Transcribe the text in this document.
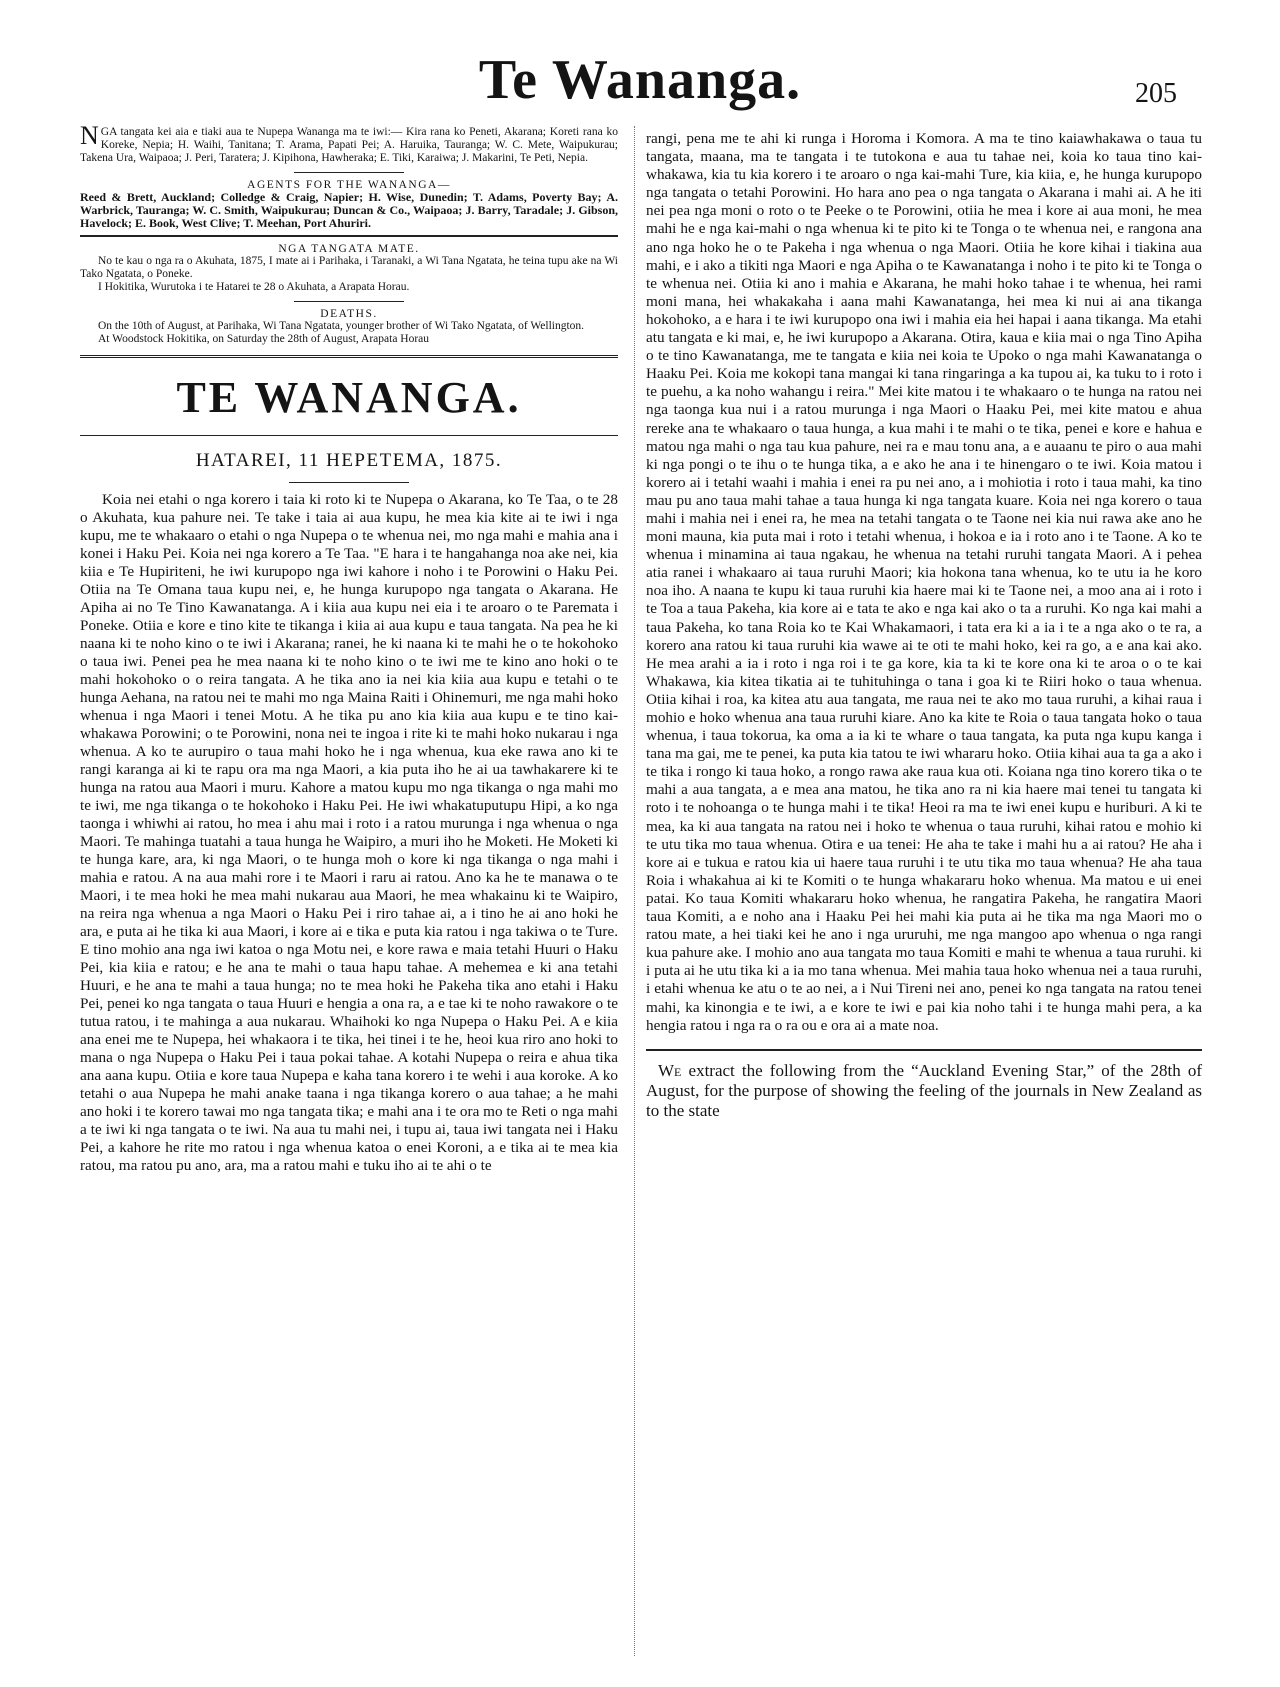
Te Wananga.	205

NGA tangata kei aia e tiaki aua te Nupepa Wananga ma te iwi:— Kira rana ko Peneti, Akarana; Koreti rana ko Koreke, Nepia; H. Waihi, Tanitana; T. Arama, Papati Pei; A. Haruika, Tauranga; W. C. Mete, Waipukurau; Takena Ura, Waipaoa; J. Peri, Taratera; J. Kipihona, Hawheraka; E. Tiki, Karaiwa; J. Makarini, Te Peti, Nepia.

AGENTS FOR THE WANANGA—

Reed & Brett, Auckland; Colledge & Craig, Napier; H. Wise, Dunedin; T. Adams, Poverty Bay; A. Warbrick, Tauranga; W. C. Smith, Waipukurau; Duncan & Co., Waipaoa; J. Barry, Taradale; J. Gibson, Havelock; E. Book, West Clive; T. Meehan, Port Ahuriri.

NGA TANGATA MATE.

No te kau o nga ra o Akuhata, 1875, I mate ai i Parihaka, i Taranaki, a Wi Tana Ngatata, he teina tupu ake na Wi Tako Ngatata, o Poneke.

I Hokitika, Wurutoka i te Hatarei te 28 o Akuhata, a Arapata Horau.

DEATHS.

On the 10th of August, at Parihaka, Wi Tana Ngatata, younger brother of Wi Tako Ngatata, of Wellington.

At Woodstock Hokitika, on Saturday the 28th of August, Arapata Horau

TE WANANGA.
HATAREI, 11 HEPETEMA, 1875.

Koia nei etahi o nga korero i taia ki roto ki te Nupepa o Akarana, ko Te Taa, o te 28 o Akuhata, kua pahure nei. Te take i taia ai aua kupu, he mea kia kite ai te iwi i nga kupu, me te whakaaro o etahi o nga Nupepa o te whenua nei, mo nga mahi e mahia ana i konei i Haku Pei. Koia nei nga korero a Te Taa. "E hara i te hangahanga noa ake nei, kia kiia e Te Hupiriteni, he iwi kurupopo nga iwi kahore i noho i te Porowini o Haku Pei. Otiia na Te Omana taua kupu nei, e, he hunga kurupopo nga tangata o Akarana. He Apiha ai no Te Tino Kawanatanga. A i kiia aua kupu nei eia i te aroaro o te Paremata i Poneke. Otiia e kore e tino kite te tikanga i kiia ai aua kupu e taua tangata. Na pea he ki naana ki te noho kino o te iwi i Akarana; ranei, he ki naana ki te mahi he o te hokohoko o taua iwi. Penei pea he mea naana ki te noho kino o te iwi me te kino ano hoki o te mahi hokohoko o o reira tangata. A he tika ano ia nei kia kiia aua kupu e tetahi o te hunga Aehana, na ratou nei te mahi mo nga Maina Raiti i Ohinemuri, me nga mahi hoko whenua i nga Maori i tenei Motu. A he tika pu ano kia kiia aua kupu e te tino kai-whakawa Porowini; o te Porowini, nona nei te ingoa i rite ki te mahi hoko nukarau i nga whenua. A ko te aurupiro o taua mahi hoko he i nga whenua, kua eke rawa ano ki te rangi karanga ai ki te rapu ora ma nga Maori, a kia puta iho he ai ua tawhakarere ki te hunga na ratou aua Maori i muru. Kahore a matou kupu mo nga tikanga o nga mahi mo te iwi, me nga tikanga o te hokohoko i Haku Pei. He iwi whakatuputupu Hipi, a ko nga taonga i whiwhi ai ratou, ho mea i ahu mai i roto i a ratou murunga i nga whenua o nga Maori. Te mahinga tuatahi a taua hunga he Waipiro, a muri iho he Moketi. He Moketi ki te hunga kare, ara, ki nga Maori, o te hunga moh o kore ki nga tikanga o nga mahi i mahia e ratou. A na aua mahi rore i te Maori i raru ai ratou. Ano ka he te manawa o te Maori, i te mea hoki he mea mahi nukarau aua Maori, he mea whakainu ki te Waipiro, na reira nga whenua a nga Maori o Haku Pei i riro tahae ai, a i tino he ai ano hoki he ara, e puta ai he tika ki aua Maori, i kore ai e tika e puta kia ratou i nga takiwa o te Ture. E tino mohio ana nga iwi katoa o nga Motu nei, e kore rawa e maia tetahi Huuri o Haku Pei, kia kiia e ratou; e he ana te mahi o taua hapu tahae. A mehemea e ki ana tetahi Huuri, e he ana te mahi a taua hunga; no te mea hoki he Pakeha tika ano etahi i Haku Pei, penei ko nga tangata o taua Huuri e hengia a ona ra, a e tae ki te noho rawakore o te tutua ratou, i te mahinga a aua nukarau. Whaihoki ko nga Nupepa o Haku Pei. A e kiia ana enei me te Nupepa, hei whakaora i te tika, hei tinei i te he, heoi kua riro ano hoki to mana o nga Nupepa o Haku Pei i taua pokai tahae. A kotahi Nupepa o reira e ahua tika ana aana kupu. Otiia e kore taua Nupepa e kaha tana korero i te wehi i aua koroke. A ko tetahi o aua Nupepa he mahi anake taana i nga tikanga korero o aua tahae; a he mahi ano hoki i te korero tawai mo nga tangata tika; e mahi ana i te ora mo te Reti o nga mahi a te iwi ki nga tangata o te iwi. Na aua tu mahi nei, i tupu ai, taua iwi tangata nei i Haku Pei, a kahore he rite mo ratou i nga whenua katoa o enei Koroni, a e tika ai te mea kia ratou, ma ratou pu ano, ara, ma a ratou mahi e tuku iho ai te ahi o te

rangi, pena me te ahi ki runga i Horoma i Komora. A ma te tino kaiawhakawa o taua tu tangata, maana, ma te tangata i te tutokona e aua tu tahae nei, koia ko taua tino kai-whakawa, kia tu kia korero i te aroaro o nga kai-mahi Ture, kia kiia, e, he hunga kurupopo nga tangata o tetahi Porowini. Ho hara ano pea o nga tangata o Akarana i mahi ai. A he iti nei pea nga moni o roto o te Peeke o te Porowini, otiia he mea i kore ai aua moni, he mea mahi he e nga kai-mahi o nga whenua ki te pito ki te Tonga o te whenua nei, e rangona ana ano nga hoko he o te Pakeha i nga whenua o nga Maori. Otiia he kore kihai i tiakina aua mahi, e i ako a tikiti nga Maori e nga Apiha o te Kawanatanga i noho i te pito ki te Tonga o te whenua nei. Otiia ki ano i mahia e Akarana, he mahi hoko tahae i te whenua, hei rami moni mana, hei whakakaha i aana mahi Kawanatanga, hei mea ki nui ai ana tikanga hokohoko, a e hara i te iwi kurupopo ona iwi i mahia eia hei hapai i aana tikanga. Ma etahi atu tangata e ki mai, e, he iwi kurupopo a Akarana. Otira, kaua e kiia mai o nga Tino Apiha o te tino Kawanatanga, me te tangata e kiia nei koia te Upoko o nga mahi Kawanatanga o Haaku Pei. Koia me kokopi tana mangai ki tana ringaringa a ka tupou ai, ka tuku to i roto i te puehu, a ka noho wahangu i reira." Mei kite matou i te whakaaro o te hunga na ratou nei nga taonga kua nui i a ratou murunga i nga Maori o Haaku Pei, mei kite matou e ahua rereke ana te whakaaro o taua hunga, a kua mahi i te mahi o te tika, penei e kore e hahua e matou nga mahi o nga tau kua pahure, nei ra e mau tonu ana, a e auaanu te piro o aua mahi ki nga pongi o te ihu o te hunga tika, a e ako he ana i te hinengaro o te iwi. Koia matou i korero ai i tetahi waahi i mahia i enei ra pu nei ano, a i mohiotia i roto i taua mahi, ka tino mau pu ano taua mahi tahae a taua hunga ki nga tangata kuare. Koia nei nga korero o taua mahi i mahia nei i enei ra, he mea na tetahi tangata o te Taone nei kia nui rawa ake ano he moni mauna, kia puta mai i roto i tetahi whenua, i hokoa e ia i roto ano i te Taone. A ko te whenua i minamina ai taua ngakau, he whenua na tetahi ruruhi tangata Maori. A i pehea atia ranei i whakaaro ai taua ruruhi Maori; kia hokona tana whenua, ko te utu ia he koro noa iho. A naana te kupu ki taua ruruhi kia haere mai ki te Taone nei, a moo ana ai i roto i te Toa a taua Pakeha, kia kore ai e tata te ako e nga kai ako o ta a ruruhi. Ko nga kai mahi a taua Pakeha, ko tana Roia ko te Kai Whakamaori, i tata era ki a ia i te a nga ako o te ra, a korero ana ratou ki taua ruruhi kia wawe ai te oti te mahi hoko, kei ra go, a e ana kai ako. He mea arahi a ia i roto i nga roi i te ga kore, kia ta ki te kore ona ki te aroa o o te kai Whakawa, kia kitea tikatia ai te tuhituhinga o tana i goa ki te Riiri hoko o taua whenua. Otiia kihai i roa, ka kitea atu aua tangata, me raua nei te ako mo taua ruruhi, a kihai raua i mohio e hoko whenua ana taua ruruhi kiare. Ano ka kite te Roia o taua tangata hoko o taua whenua, i taua tokorua, ka oma a ia ki te whare o taua tangata, ka puta nga kupu kanga i tana ma gai, me te penei, ka puta kia tatou te iwi whararu hoko. Otiia kihai aua ta ga a ako i te tika i rongo ki taua hoko, a rongo rawa ake raua kua oti. Koiana nga tino korero tika o te mahi a aua tangata, a e mea ana matou, he tika ano ra ni kia haere mai tenei tu tangata ki roto i te nohoanga o te hunga mahi i te tika! Heoi ra ma te iwi enei kupu e huriburi. A ki te mea, ka ki aua tangata na ratou nei i hoko te whenua o taua ruruhi, kihai ratou e mohio ki te utu tika mo taua whenua. Otira e ua tenei: He aha te take i mahi hu a ai ratou? He aha i kore ai e tukua e ratou kia ui haere taua ruruhi i te utu tika mo taua whenua? He aha taua Roia i whakahua ai ki te Komiti o te hunga whakararu hoko whenua. Ma matou e ui enei patai. Ko taua Komiti whakararu hoko whenua, he rangatira Pakeha, he rangatira Maori taua Komiti, a e noho ana i Haaku Pei hei mahi kia puta ai he tika ma nga Maori mo o ratou mate, a hei tiaki kei he ano i nga ururuhi, me nga mangoo apo whenua o nga rangi kua pahure ake. I mohio ano aua tangata mo taua Komiti e mahi te whenua a taua ruruhi. ki i puta ai he utu tika ki a ia mo tana whenua. Mei mahia taua hoko whenua nei a taua ruruhi, i etahi whenua ke atu o te ao nei, a i Nui Tireni nei ano, penei ko nga tangata na ratou tenei mahi, ka kinongia e te iwi, a e kore te iwi e pai kia noho tahi i te hunga mahi pera, a ka hengia ratou i nga ra o ra ou e ora ai a mate noa.

We extract the following from the “Auckland Evening Star,” of the 28th of August, for the purpose of showing the feeling of the journals in New Zealand as to the state
